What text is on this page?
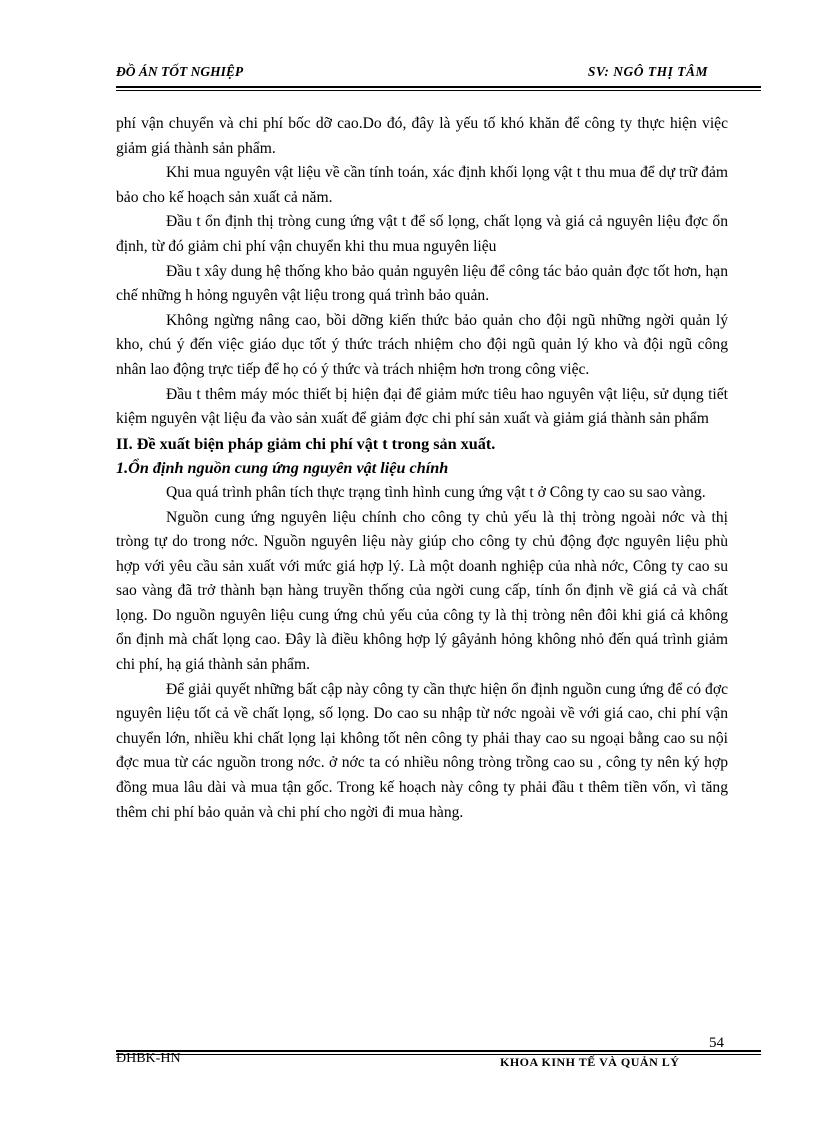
ĐỒ ÁN TỐT NGHIỆP	SV: NGÔ THỊ TÂM

phí vận chuyển và chi phí bốc dỡ cao.Do đó, đây là yếu tố khó khăn để công ty thực hiện việc giảm giá thành sản phẩm.

Khi mua nguyên vật liệu về cần tính toán, xác định khối lọng vật t thu mua để dự trữ đảm bảo cho kế hoạch sản xuất cả năm.

Đầu t ổn định thị tròng cung ứng vật t để số lọng, chất lọng và giá cả nguyên liệu đợc ổn định, từ đó giảm chi phí vận chuyển khi thu mua nguyên liệu

Đầu t xây dung hệ thống kho bảo quản nguyên liệu để công tác bảo quản đợc tốt hơn, hạn chế những h hỏng nguyên vật liệu trong quá trình bảo quản.

Không ngừng nâng cao, bồi dỡng kiến thức bảo quản cho đội ngũ những ngời quản lý kho, chú ý đến việc giáo dục tốt ý thức trách nhiệm cho đội ngũ quản lý kho và đội ngũ công nhân lao động trực tiếp để họ có ý thức và trách nhiệm hơn trong công việc.

Đầu t thêm máy móc thiết bị hiện đại để giảm mức tiêu hao nguyên vật liệu, sử dụng tiết kiệm nguyên vật liệu đa vào sản xuất để giảm đợc chi phí sản xuất và giảm giá thành sản phẩm

II. Đề xuất biện pháp giảm chi phí vật t trong sản xuất.

1.Ổn định nguồn cung ứng nguyên vật liệu chính

Qua quá trình phân tích thực trạng tình hình cung ứng vật t ở Công ty cao su sao vàng.

Nguồn cung ứng nguyên liệu chính cho công ty chủ yếu là thị tròng ngoài nớc và thị tròng tự do trong nớc. Nguồn nguyên liệu này giúp cho công ty chủ động đợc nguyên liệu phù hợp với yêu cầu sản xuất với mức giá hợp lý. Là một doanh nghiệp của nhà nớc, Công ty cao su sao vàng đã trở thành bạn hàng truyền thống của ngời cung cấp, tính ổn định về giá cả và chất lọng. Do nguồn nguyên liệu cung ứng chủ yếu của công ty là thị tròng nên đôi khi giá cả không ổn định mà chất lọng cao. Đây là điều không hợp lý gâyảnh hỏng không nhỏ đến quá trình giảm chi phí, hạ giá thành sản phẩm.

Để giải quyết những bất cập này công ty cần thực hiện ổn định nguồn cung ứng để có đợc nguyên liệu tốt cả về chất lọng, số lọng. Do cao su nhập từ nớc ngoài về với giá cao, chi phí vận chuyển lớn, nhiều khi chất lọng lại không tốt nên công ty phải thay cao su ngoại bằng cao su nội đợc mua từ các nguồn trong nớc. ở nớc ta có nhiều nông tròng trồng cao su , công ty nên ký hợp đồng mua lâu dài và mua tận gốc. Trong kế hoạch này công ty phải đầu t thêm tiền vốn, vì tăng thêm chi phí bảo quản và chi phí cho ngời đi mua hàng.

54
ĐHBK-HN	KHOA KINH TẾ VÀ QUẢN LÝ
